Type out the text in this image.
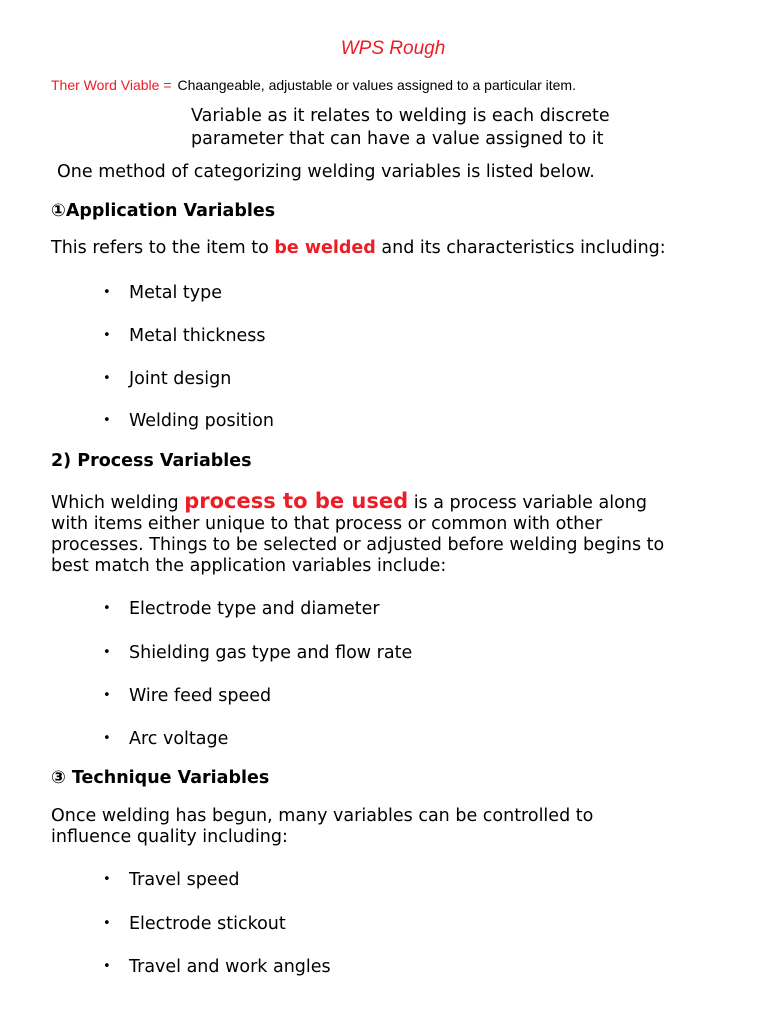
WPS Rough
Ther Word Viable = Chaangeable, adjustable or values assigned to a particular item.
Variable as it relates to welding is each discrete
parameter that can have a value assigned to it
One method of categorizing welding variables is listed below.
①Application Variables
This refers to the item to be welded and its characteristics including:
• Metal type
• Metal thickness
• Joint design
• Welding position
2) Process Variables
Which welding process to be used is a process variable along
with items either unique to that process or common with other
processes. Things to be selected or adjusted before welding begins to
best match the application variables include:
• Electrode type and diameter
• Shielding gas type and flow rate
• Wire feed speed
• Arc voltage
③ Technique Variables
Once welding has begun, many variables can be controlled to
influence quality including:
• Travel speed
• Electrode stickout
• Travel and work angles
